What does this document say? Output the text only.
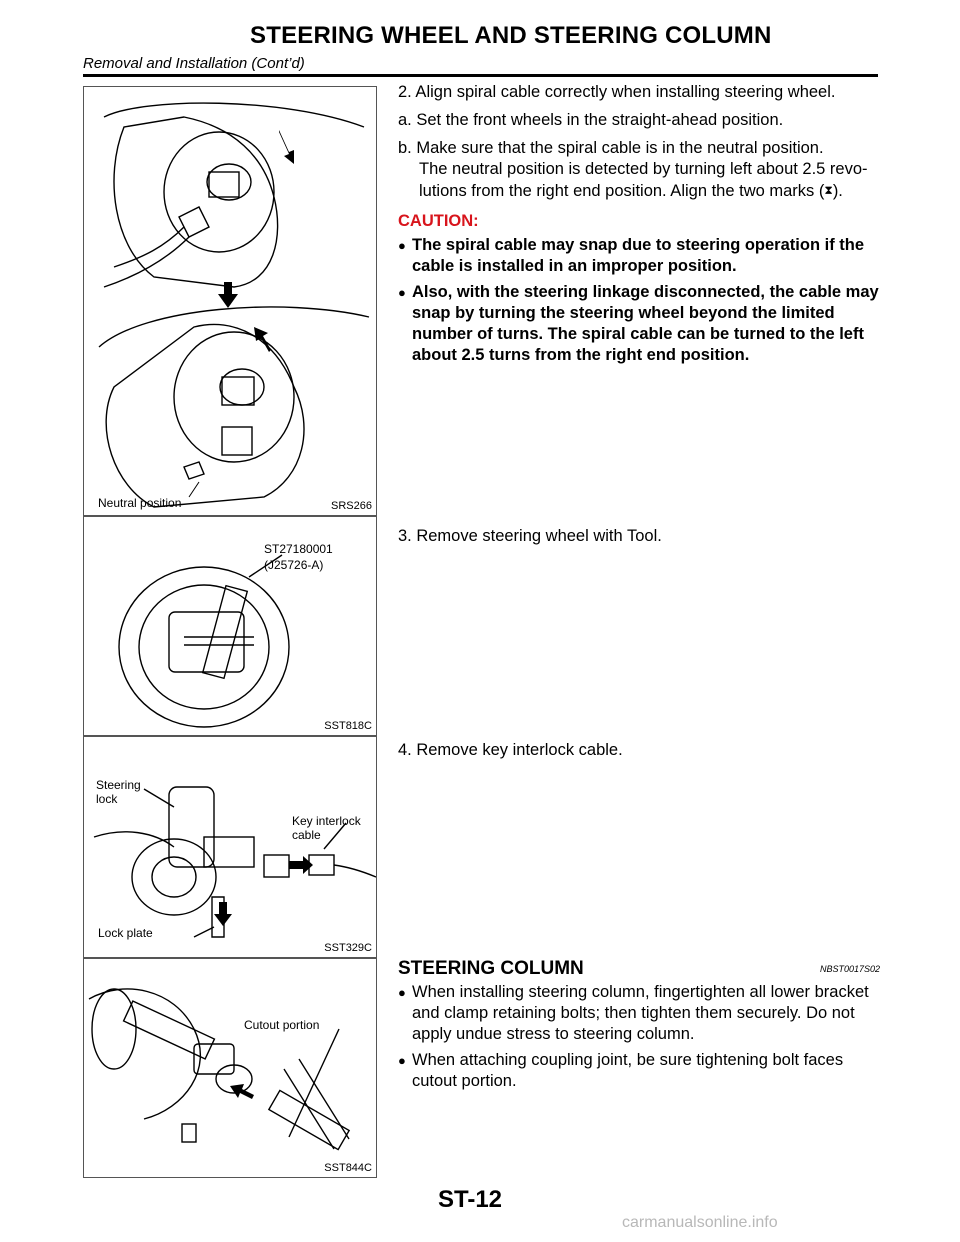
STEERING WHEEL AND STEERING COLUMN
Removal and Installation (Cont’d)
Neutral position	SRS266
ST27180001
(J25726-A)
SST818C
Steering
lock
Key interlock
cable
Lock plate
SST329C
Cutout portion
SST844C
2. Align spiral cable correctly when installing steering wheel.
a. Set the front wheels in the straight-ahead position.
b. Make sure that the spiral cable is in the neutral position.
The neutral position is detected by turning left about 2.5 revo-
lutions from the right end position. Align the two marks (⧗).
CAUTION:
● The spiral cable may snap due to steering operation if the cable is installed in an improper position.
● Also, with the steering linkage disconnected, the cable may snap by turning the steering wheel beyond the limited number of turns. The spiral cable can be turned to the left about 2.5 turns from the right end position.
3. Remove steering wheel with Tool.
4. Remove key interlock cable.
STEERING COLUMN	NBST0017S02
● When installing steering column, fingertighten all lower bracket and clamp retaining bolts; then tighten them securely. Do not apply undue stress to steering column.
● When attaching coupling joint, be sure tightening bolt faces cutout portion.
ST-12
carmanualsonline.info
